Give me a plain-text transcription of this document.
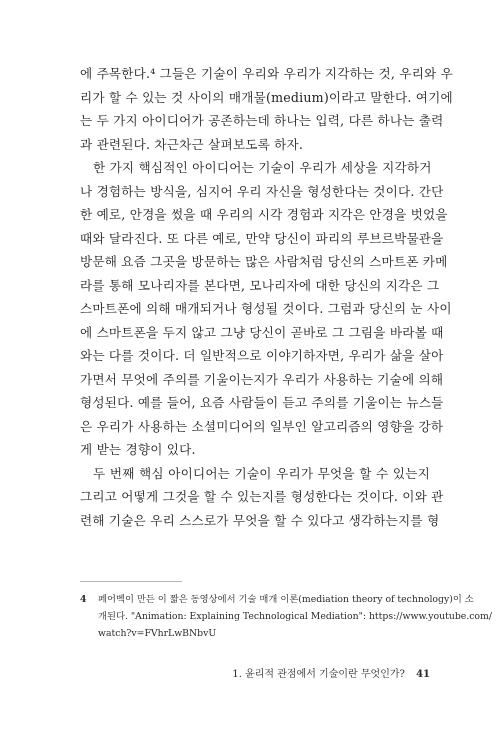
에 주목한다.⁴ 그들은 기술이 우리와 우리가 지각하는 것, 우리와 우
리가 할 수 있는 것 사이의 매개물(medium)이라고 말한다. 여기에
는 두 가지 아이디어가 공존하는데 하나는 입력, 다른 하나는 출력
과 관련된다. 차근차근 살펴보도록 하자.
한 가지 핵심적인 아이디어는 기술이 우리가 세상을 지각하거
나 경험하는 방식을, 심지어 우리 자신을 형성한다는 것이다. 간단
한 예로, 안경을 썼을 때 우리의 시각 경험과 지각은 안경을 벗었을
때와 달라진다. 또 다른 예로, 만약 당신이 파리의 루브르박물관을
방문해 요즘 그곳을 방문하는 많은 사람처럼 당신의 스마트폰 카메
라를 통해 모나리자를 본다면, 모나리자에 대한 당신의 지각은 그
스마트폰에 의해 매개되거나 형성될 것이다. 그럼과 당신의 눈 사이
에 스마트폰을 두지 않고 그냥 당신이 곧바로 그 그림을 바라볼 때
와는 다를 것이다. 더 일반적으로 이야기하자면, 우리가 삶을 살아
가면서 무엇에 주의를 기울이는지가 우리가 사용하는 기술에 의해
형성된다. 예를 들어, 요즘 사람들이 듣고 주의를 기울이는 뉴스들
은 우리가 사용하는 소셜미디어의 일부인 알고리즘의 영향을 강하
게 받는 경향이 있다.
두 번째 핵심 아이디어는 기술이 우리가 무엇을 할 수 있는지
그리고 어떻게 그것을 할 수 있는지를 형성한다는 것이다. 이와 관
련해 기술은 우리 스스로가 무엇을 할 수 있다고 생각하는지를 형
4 페어벡이 만든 이 짧은 동영상에서 기술 매개 이론(mediation theory of technology)이 소
개된다. "Animation: Explaining Technological Mediation": https://www.youtube.com/
watch?v=FVhrLwBNbvU
1. 윤리적 관점에서 기술이란 무엇인가? 41
